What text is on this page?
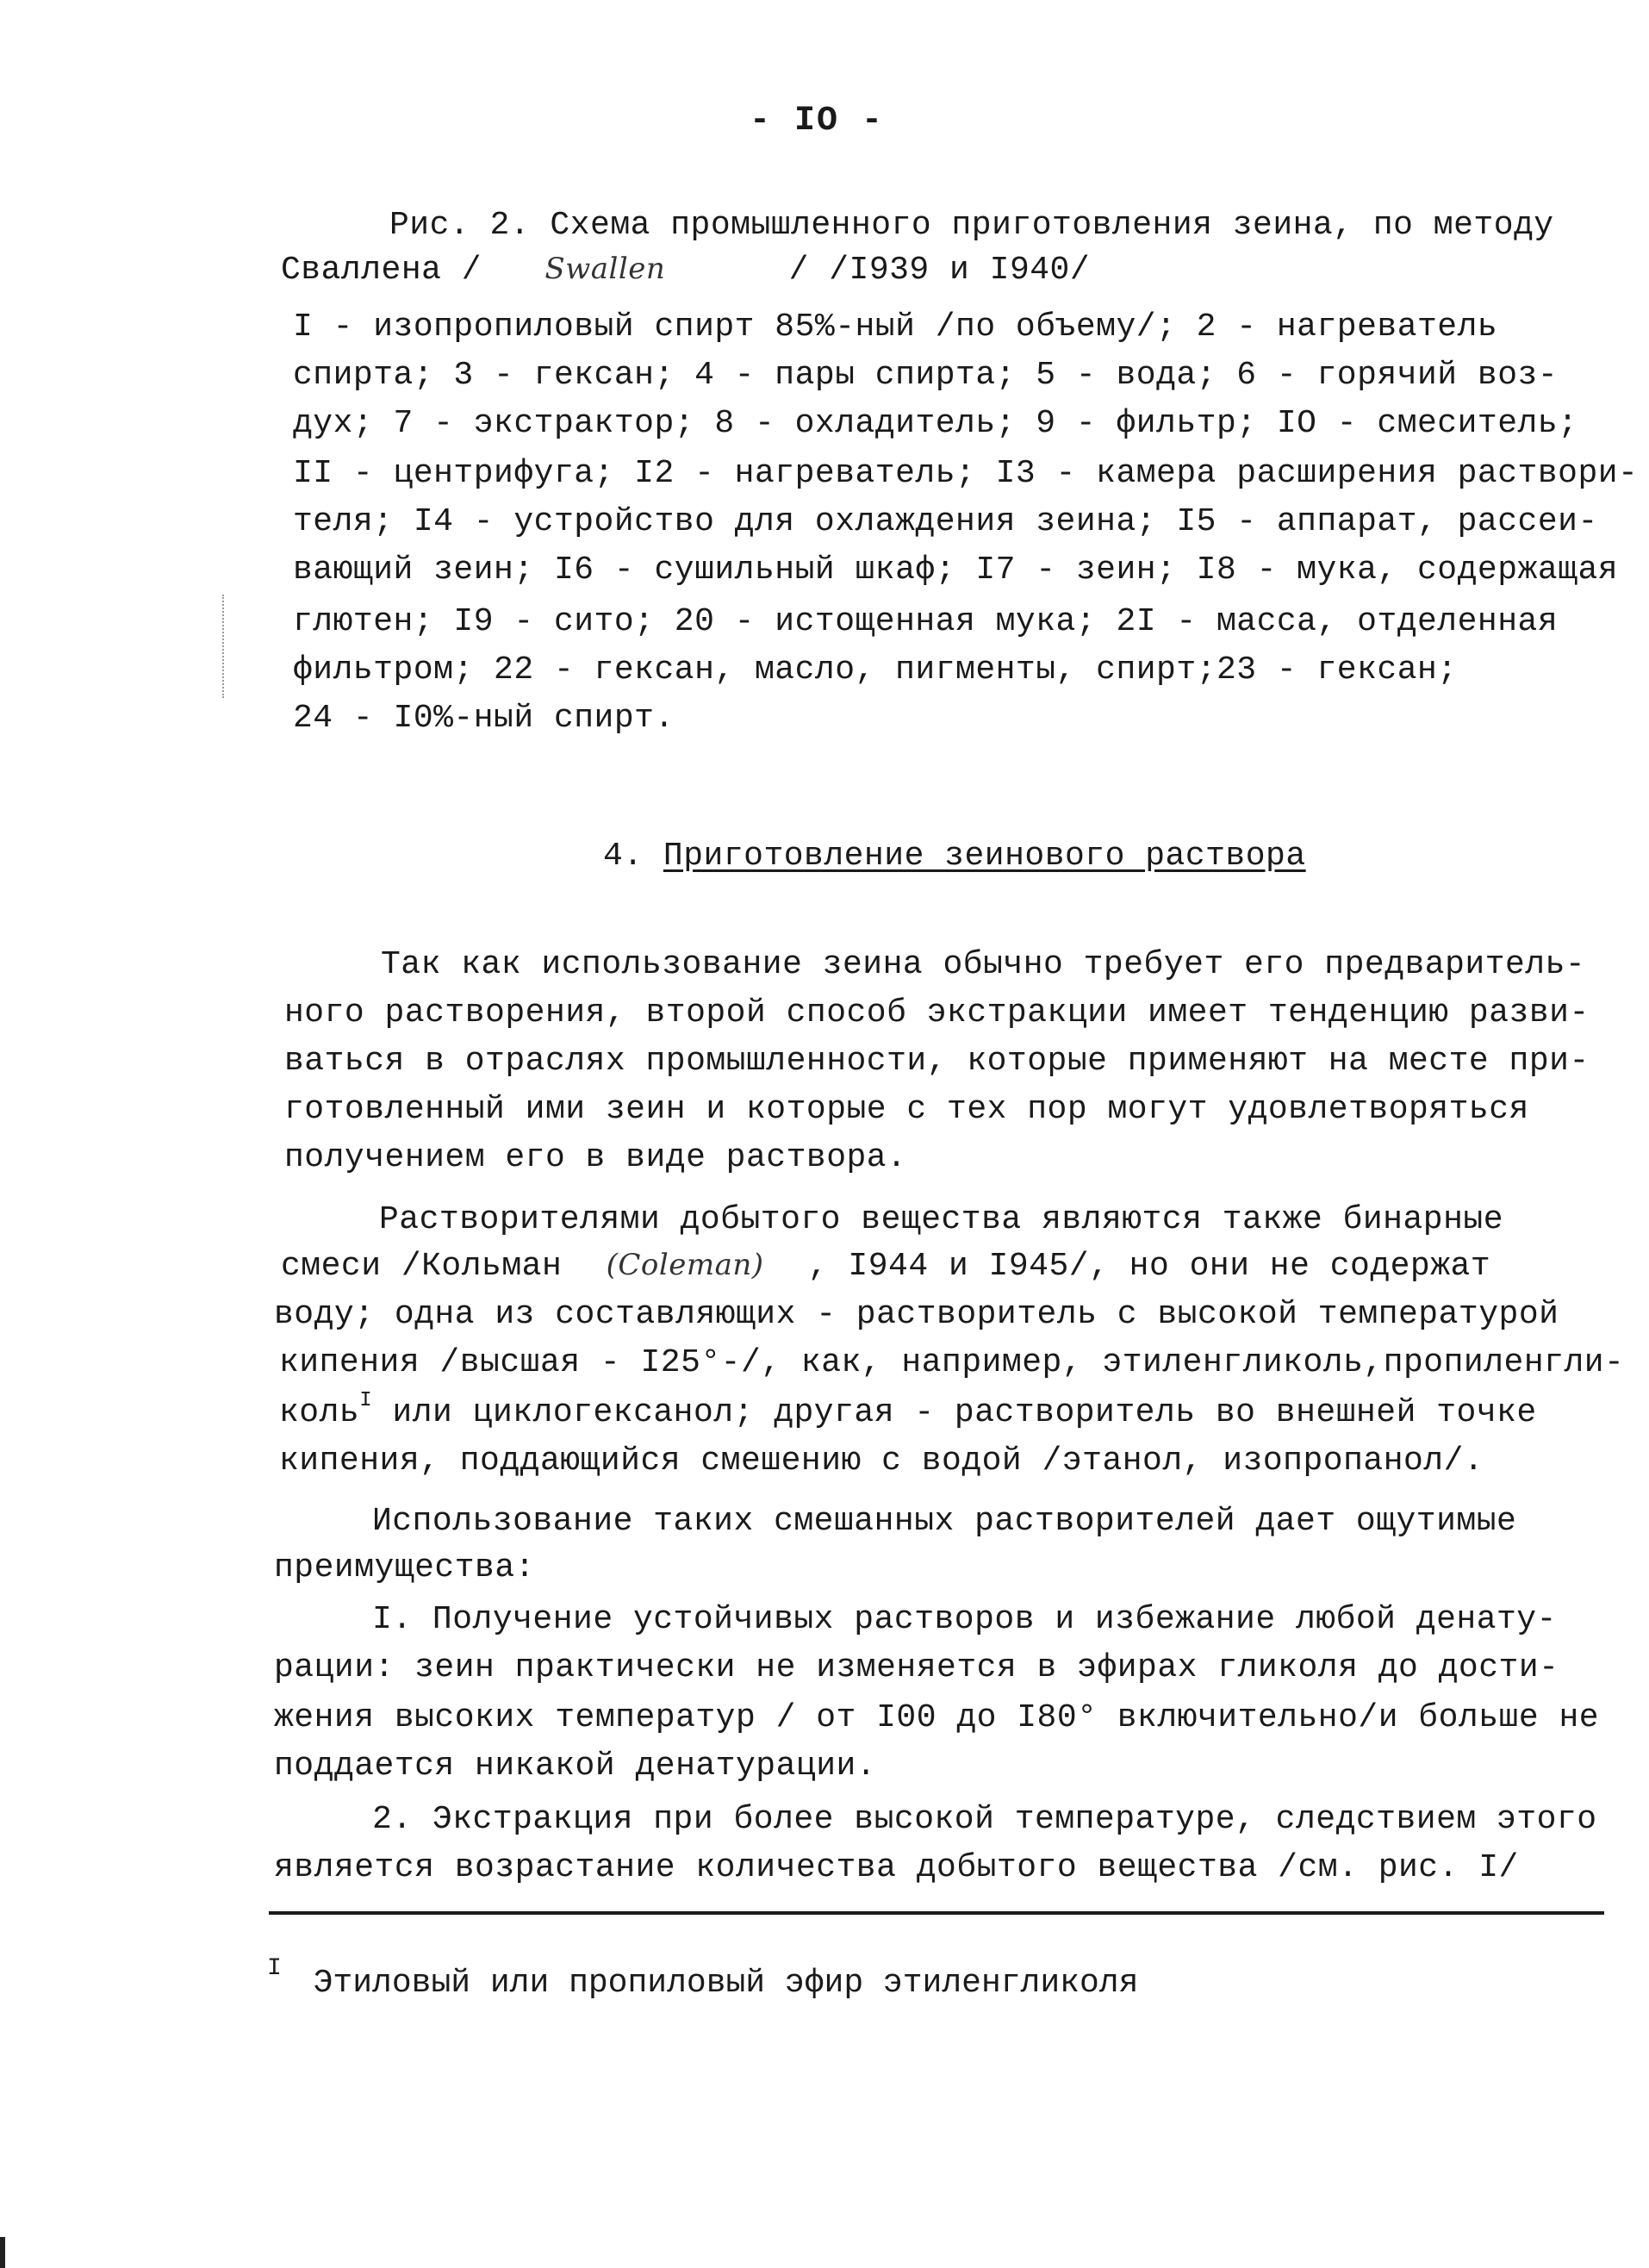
- IO -
Рис. 2. Схема промышленного приготовления зеина, по методу
Сваллена / Swallen	/ /I939 и I940/
I - изопропиловый спирт 85%-ный /по объему/; 2 - нагреватель
спирта; 3 - гексан; 4 - пары спирта; 5 - вода; 6 - горячий воз-
дух; 7 - экстрактор; 8 - охладитель; 9 - фильтр; IO - смеситель;
II - центрифуга; I2 - нагреватель; I3 - камера расширения раствори-
теля; I4 - устройство для охлаждения зеина; I5 - аппарат, рассеи-
вающий зеин; I6 - сушильный шкаф; I7 - зеин; I8 - мука, содержащая
глютен; I9 - сито; 20 - истощенная мука; 2I - масса, отделенная
фильтром; 22 - гексан, масло, пигменты, спирт;23 - гексан;
24 - I0%-ный спирт.
4. Приготовление зеинового раствора
Так как использование зеина обычно требует его предваритель-
ного растворения, второй способ экстракции имеет тенденцию разви-
ваться в отраслях промышленности, которые применяют на месте при-
готовленный ими зеин и которые с тех пор могут удовлетворяться
получением его в виде раствора.
Растворителями добытого вещества являются также бинарные
смеси /Кольман (Coleman) , I944 и I945/, но они не содержат
воду; одна из составляющих - растворитель с высокой температурой
кипения /высшая - I25°-/, как, например, этиленгликоль,пропиленгли-
коль$^I$ или циклогексанол; другая - растворитель во внешней точке
кипения, поддающийся смешению с водой /этанол, изопропанол/.
Использование таких смешанных растворителей дает ощутимые
преимущества:
I. Получение устойчивых растворов и избежание любой денату-
рации: зеин практически не изменяется в эфирах гликоля до дости-
жения высоких температур / от I00 до I80° включительно/и больше не
поддается никакой денатурации.
2. Экстракция при более высокой температуре, следствием этого
является возрастание количества добытого вещества /см. рис. I/
$^I$ Этиловый или пропиловый эфир этиленгликоля
